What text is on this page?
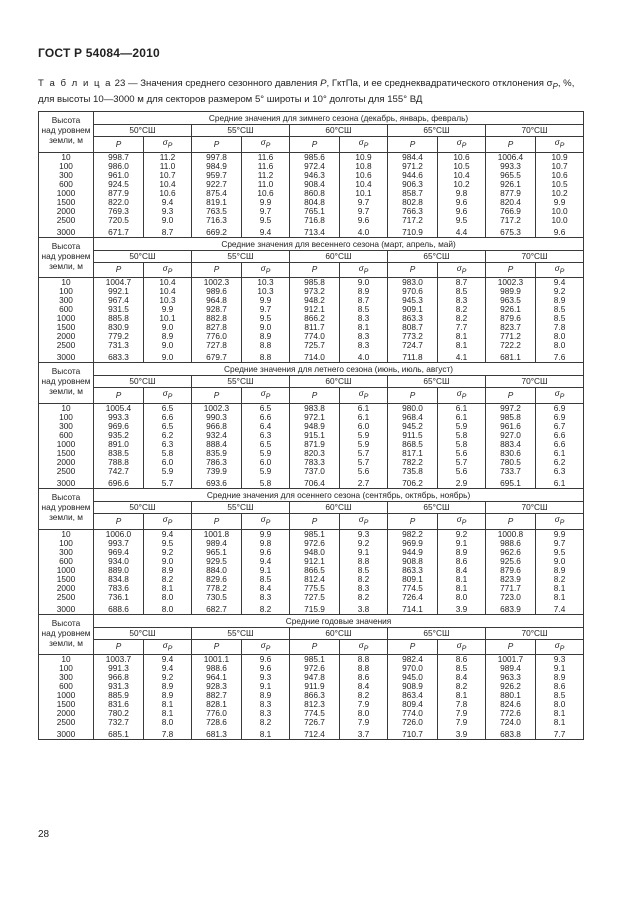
ГОСТ Р 54084—2010
Т а б л и ц а 23 — Значения среднего сезонного давления P, ГктПа, и ее среднеквадратического отклонения $\sigma_P$, %,
для высоты 10—3000 м для секторов размером 5° широты и 10° долготы для 155° ВД
Высота
над уровнем
земли, м	Средние значения для зимнего сезона (декабрь, январь, февраль)									
	50°СШ		55°СШ		60°СШ		65°СШ		70°СШ	
	P	$\sigma_P$	P	$\sigma_P$	P	$\sigma_P$	P	$\sigma_P$	P	$\sigma_P$
10	998.7	11.2	997.8	11.6	985.6	10.9	984.4	10.6	1006.4	10.9
100	986.0	11.0	984.9	11.6	972.4	10.8	971.2	10.5	993.3	10.7
300	961.0	10.7	959.7	11.2	946.3	10.6	944.6	10.4	965.5	10.6
600	924.5	10.4	922.7	11.0	908.4	10.4	906.3	10.2	926.1	10.5
1000	877.9	10.6	875.4	10.6	860.8	10.1	858.7	9.8	877.9	10.2
1500	822.0	9.4	819.1	9.9	804.8	9.7	802.8	9.6	820.4	9.9
2000	769.3	9.3	763.5	9.7	765.1	9.7	766.3	9.6	766.9	10.0
2500	720.5	9.0	716.3	9.5	716.8	9.6	717.2	9.5	717.2	10.0
3000	671.7	8.7	669.2	9.4	713.4	4.0	710.9	4.4	675.3	9.6

Высота
над уровнем
земли, м	Средние значения для весеннего сезона (март, апрель, май)									
	50°СШ		55°СШ		60°СШ		65°СШ		70°СШ	
	P	$\sigma_P$	P	$\sigma_P$	P	$\sigma_P$	P	$\sigma_P$	P	$\sigma_P$
10	1004.7	10.4	1002.3	10.3	985.8	9.0	983.0	8.7	1002.3	9.4
100	992.1	10.4	989.6	10.3	973.2	8.9	970.6	8.5	989.9	9.2
300	967.4	10.3	964.8	9.9	948.2	8.7	945.3	8.3	963.5	8.9
600	931.5	9.9	928.7	9.7	912.1	8.5	909.1	8.2	926.1	8.5
1000	885.8	10.1	882.8	9.5	866.2	8.3	863.3	8.2	879.6	8.5
1500	830.9	9.0	827.8	9.0	811.7	8.1	808.7	7.7	823.7	7.8
2000	779.2	8.9	776.0	8.9	774.0	8.3	773.2	8.1	771.2	8.0
2500	731.3	9.0	727.8	8.8	725.7	8.3	724.7	8.1	722.2	8.0
3000	683.3	9.0	679.7	8.8	714.0	4.0	711.8	4.1	681.1	7.6

Высота
над уровнем
земли, м	Средние значения для летнего сезона (июнь, июль, август)									
	50°СШ		55°СШ		60°СШ		65°СШ		70°СШ	
	P	$\sigma_P$	P	$\sigma_P$	P	$\sigma_P$	P	$\sigma_P$	P	$\sigma_P$
10	1005.4	6.5	1002.3	6.5	983.8	6.1	980.0	6.1	997.2	6.9
100	993.3	6.6	990.3	6.6	972.1	6.1	968.4	6.1	985.8	6.9
300	969.6	6.5	966.8	6.4	948.9	6.0	945.2	5.9	961.6	6.7
600	935.2	6.2	932.4	6.3	915.1	5.9	911.5	5.8	927.0	6.6
1000	891.0	6.3	888.4	6.5	871.9	5.9	868.5	5.8	883.4	6.6
1500	838.5	5.8	835.9	5.9	820.3	5.7	817.1	5.6	830.6	6.1
2000	788.8	6.0	786.3	6.0	783.3	5.7	782.2	5.7	780.5	6.2
2500	742.7	5.9	739.9	5.9	737.0	5.6	735.8	5.6	733.7	6.3
3000	696.6	5.7	693.6	5.8	706.4	2.7	706.2	2.9	695.1	6.1

Высота
над уровнем
земли, м	Средние значения для осеннего сезона (сентябрь, октябрь, ноябрь)									
	50°СШ		55°СШ		60°СШ		65°СШ		70°СШ	
	P	$\sigma_P$	P	$\sigma_P$	P	$\sigma_P$	P	$\sigma_P$	P	$\sigma_P$
10	1006.0	9.4	1001.8	9.9	985.1	9.3	982.2	9.2	1000.8	9.9
100	993.7	9.5	989.4	9.8	972.6	9.2	969.9	9.1	988.6	9.7
300	969.4	9.2	965.1	9.6	948.0	9.1	944.9	8.9	962.6	9.5
600	934.0	9.0	929.5	9.4	912.1	8.8	908.8	8.6	925.6	9.0
1000	889.0	8.9	884.0	9.1	866.5	8.5	863.3	8.4	879.6	8.9
1500	834.8	8.2	829.6	8.5	812.4	8.2	809.1	8.1	823.9	8.2
2000	783.6	8.1	778.2	8.4	775.5	8.3	774.5	8.1	771.7	8.1
2500	736.1	8.0	730.5	8.3	727.5	8.2	726.4	8.0	723.0	8.1
3000	688.6	8.0	682.7	8.2	715.9	3.8	714.1	3.9	683.9	7.4

Высота
над уровнем
земли, м	Средние годовые значения									
	50°СШ		55°СШ		60°СШ		65°СШ		70°СШ	
	P	$\sigma_P$	P	$\sigma_P$	P	$\sigma_P$	P	$\sigma_P$	P	$\sigma_P$
10	1003.7	9.4	1001.1	9.6	985.1	8.8	982.4	8.6	1001.7	9.3
100	991.3	9.4	988.6	9.6	972.6	8.8	970.0	8.5	989.4	9.1
300	966.8	9.2	964.1	9.3	947.8	8.6	945.0	8.4	963.3	8.9
600	931.3	8.9	928.3	9.1	911.9	8.4	908.9	8.2	926.2	8.6
1000	885.9	8.9	882.7	8.9	866.3	8.2	863.4	8.1	880.1	8.5
1500	831.6	8.1	828.1	8.3	812.3	7.9	809.4	7.8	824.6	8.0
2000	780.2	8.1	776.0	8.3	774.5	8.0	774.0	7.9	772.6	8.1
2500	732.7	8.0	728.6	8.2	726.7	7.9	726.0	7.9	724.0	8.1
3000	685.1	7.8	681.3	8.1	712.4	3.7	710.7	3.9	683.8	7.7
28
